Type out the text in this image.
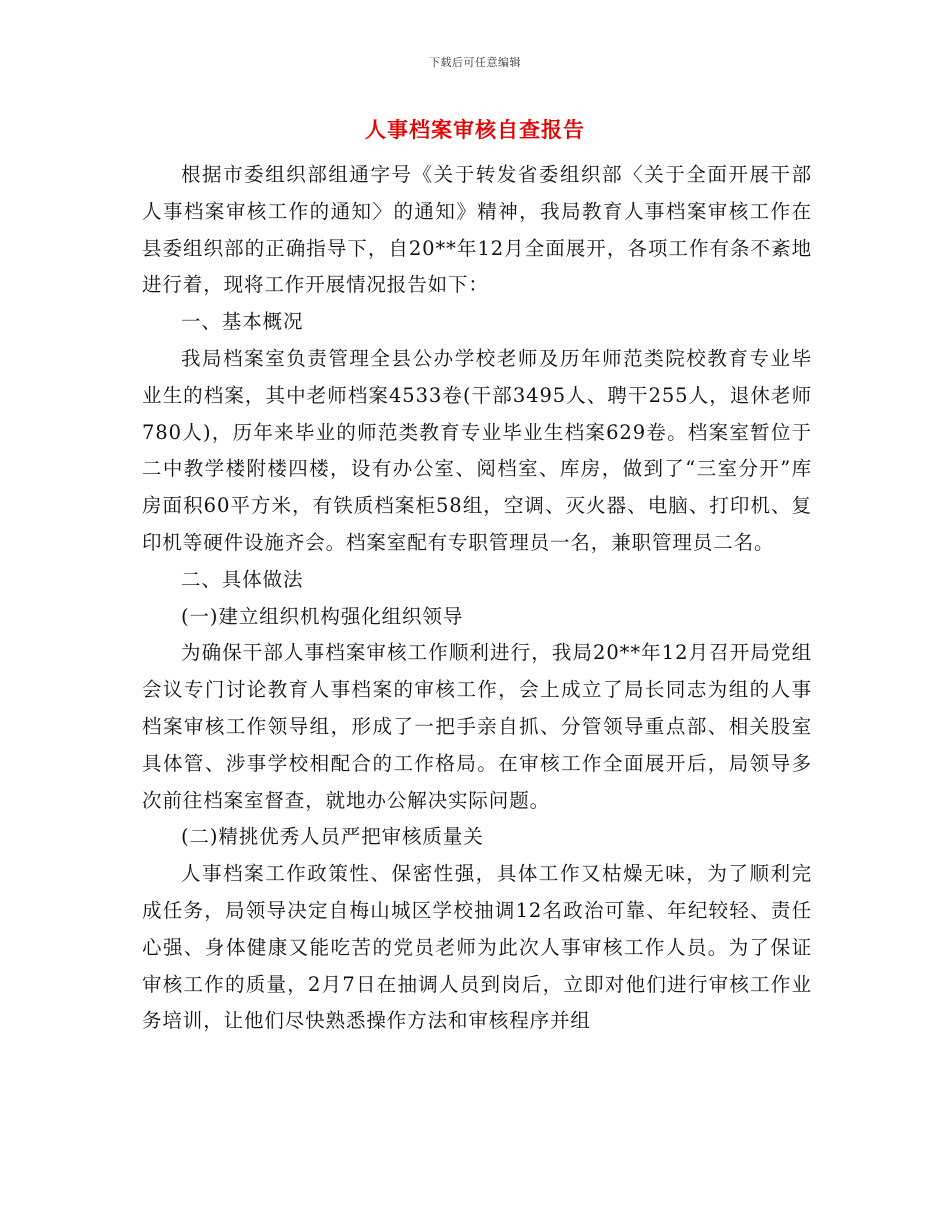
下载后可任意编辑
人事档案审核自查报告

根据市委组织部组通字号《关于转发省委组织部〈关于全面开展干部人事档案审核工作的通知〉的通知》精神，我局教育人事档案审核工作在县委组织部的正确指导下，自20**年12月全面展开，各项工作有条不紊地进行着，现将工作开展情况报告如下：

一、基本概况

我局档案室负责管理全县公办学校老师及历年师范类院校教育专业毕业生的档案，其中老师档案4533卷(干部3495人、聘干255人，退休老师780人)，历年来毕业的师范类教育专业毕业生档案629卷。档案室暂位于二中教学楼附楼四楼，设有办公室、阅档室、库房，做到了“三室分开”库房面积60平方米，有铁质档案柜58组，空调、灭火器、电脑、打印机、复印机等硬件设施齐会。档案室配有专职管理员一名，兼职管理员二名。

二、具体做法

(一)建立组织机构强化组织领导

为确保干部人事档案审核工作顺利进行，我局20**年12月召开局党组会议专门讨论教育人事档案的审核工作，会上成立了局长同志为组的人事档案审核工作领导组，形成了一把手亲自抓、分管领导重点部、相关股室具体管、涉事学校相配合的工作格局。在审核工作全面展开后，局领导多次前往档案室督查，就地办公解决实际问题。

(二)精挑优秀人员严把审核质量关

人事档案工作政策性、保密性强，具体工作又枯燥无味，为了顺利完成任务，局领导决定自梅山城区学校抽调12名政治可靠、年纪较轻、责任心强、身体健康又能吃苦的党员老师为此次人事审核工作人员。为了保证审核工作的质量，2月7日在抽调人员到岗后，立即对他们进行审核工作业务培训，让他们尽快熟悉操作方法和审核程序并组
